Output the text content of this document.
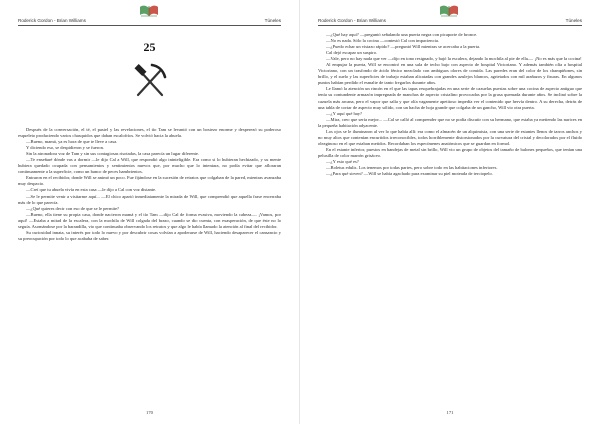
Roderick Gordon - Brian Williams	Túneles
25

Después de la conversación, el té, el pastel y las revelaciones, el tío Tam se levantó con un bostezo enorme y desperezó su poderoso esqueleto produciendo varios chasquidos que daban escalofríos. Se volvió hacia la abuela.

—Bueno, mamá, ya es hora de que te lleve a casa.

Y diciendo eso, se despidieron y se fueron.

Sin la atronadora voz de Tam y sin sus contagiosas risotadas, la casa parecía un lugar diferente.

—Te enseñaré dónde vas a dormir —le dijo Cal a Will, que respondió algo ininteligible. Era como si lo hubieran hechizado, y su mente hubiera quedado ocupada con pensamientos y sentimientos nuevos que, por mucho que lo intentara, no podía evitar que afloraran continuamente a la superficie, como un banco de peces hambrientos.

Entraron en el recibidor, donde Will se animó un poco. Fue fijándose en la sucesión de retratos que colgaban de la pared, mientras avanzaba muy despacio.

—Creí que tu abuela vivía en esta casa —le dijo a Cal con voz distante.

—Se le permite venir a visitarme aquí... —El chico apartó inmediatamente la mirada de Will, que comprendió que aquella frase encerraba más de lo que parecía.

—¿Qué quieres decir con eso de que se le permite?

—Bueno, ella tiene su propia casa, donde nacieron mamá y el tío Tam —dijo Cal de forma evasiva, moviendo la cabeza—. ¡Vamos, por aquí! —Estaba a mitad de la escalera, con la mochila de Will colgada del brazo, cuando se dio cuenta, con exasperación, de que éste no lo seguía. Asomándose por la barandilla, vio que continuaba observando los retratos y que algo le había llamado la atención al final del recibidor.

Su curiosidad innata, su interés por todo lo nuevo y por descubrir cosas volvían a apoderarse de Will, haciendo desaparecer el cansancio y su preocupación por todo lo que acababa de saber.

170
Roderick Gordon - Brian Williams	Túneles

—¿Qué hay aquí? —preguntó señalando una puerta negra con picaporte de bronce.

—No es nada. Sólo la cocina —contestó Cal con impaciencia.

—¿Puedo echar un vistazo rápido? —preguntó Will mientras se acercaba a la puerta.

Cal dejó escapar un suspiro.

—Vale, pero no hay nada que ver —dijo en tono resignado, y bajó la escalera, dejando la mochila al pie de ella—. ¡No es más que la cocina!

Al empujar la puerta, Will se encontró en una sala de techo bajo con aspecto de hospital Victoriano. Y además también olía a hospital Victoriano, con un trasfondo de ácido fénico mezclado con ambiguos olores de comida. Las paredes eran del color de los champiñones, sin brillo, y el suelo y las superficies de trabajo estaban alicatadas con grandes azulejos blancos, agrietados con mil arañazos y fisuras. En algunos puntos habían perdido el esmalte de tanto fregarlos durante años.

Le llamó la atención un rincón en el que las tapas resquebrajadas en una serie de cazuelas puestas sobre una cocina de aspecto antiguo que tenía su contundente armazón impregnada de manchas de aspecto cristalino provocadas por la grasa quemada durante años. Se inclinó sobre la cazuela más arcana, pero el vapor que salía y que olía vagamente apetitoso impedía ver el contenido que hervía dentro. A su derecha, detrás de una tabla de cortar de aspecto muy sólido, con un hacha de hoja grande que colgaba de un gancho, Will vio otra puerta.

—¿Y aquí qué hay?

—Mira, creo que sería mejor... —Cal se calló al comprender que no se podía discutir con su hermano, que estaba ya metiendo las narices en la pequeña habitación adyacente.

Los ojos se le iluminaron al ver lo que había allí: era como el almacén de un alquimista, con una serie de estantes llenos de tarros anchos y no muy altos que contenían encurtidos irreconocibles, todos horriblemente distorsionados por la curvatura del cristal y decolorados por el fluido oleaginoso en el que estaban metidos. Recordaban los especímenes anatómicos que se guardan en formol.

En el estante inferior, puestos en bandejas de metal sin brillo, Will vio un grupo de objetos del tamaño de balones pequeños, que tenían una pelusilla de color marrón grisáceo.

—¿Y esto qué es?

—Boletus edulis. Los tenemos por todas partes, pero sobre todo en las habitaciones inferiores.

—¿Para qué sirven? —Will se había agachado para examinar su piel moteada de terciopelo.

171
